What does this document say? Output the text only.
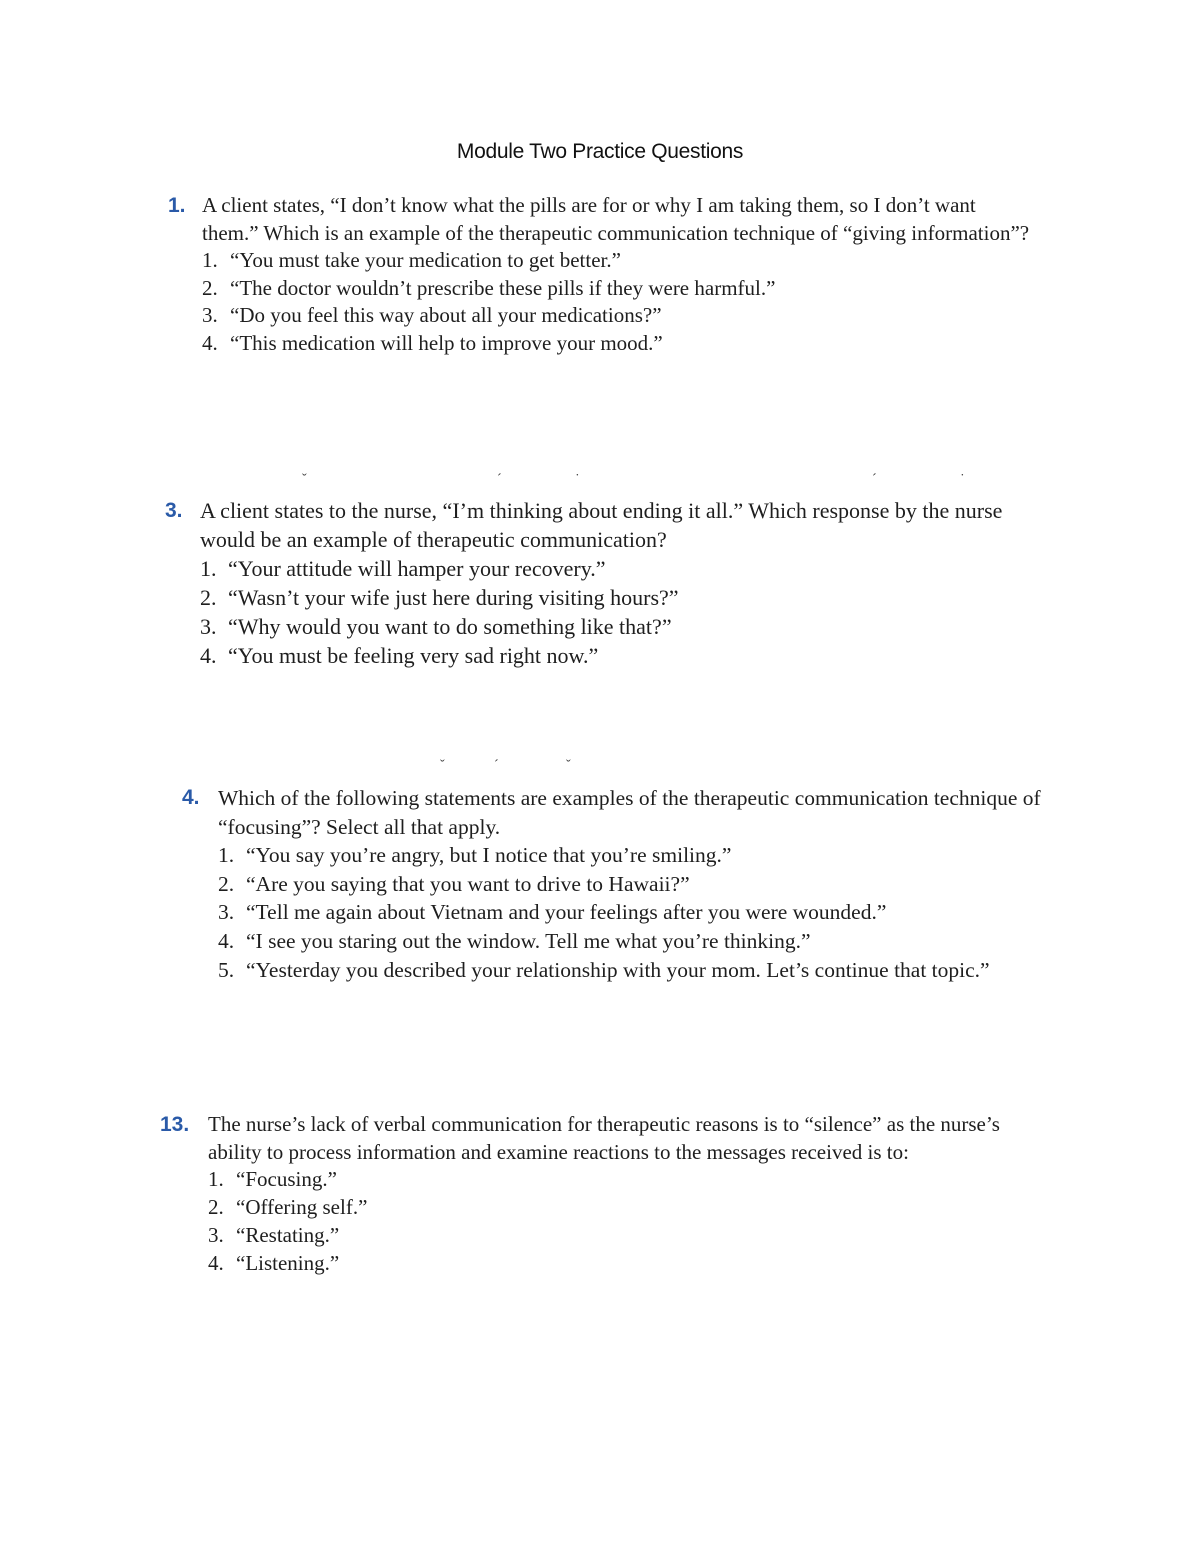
Module Two Practice Questions
1. A client states, “I don’t know what the pills are for or why I am taking them, so I don’t want them.” Which is an example of the therapeutic communication technique of “giving information”?

1. “You must take your medication to get better.”
2. “The doctor wouldn’t prescribe these pills if they were harmful.”
3. “Do you feel this way about all your medications?”
4. “This medication will help to improve your mood.”
ˇ	ˊ	˙	ˊ	˙
3. A client states to the nurse, “I’m thinking about ending it all.” Which response by the nurse would be an example of therapeutic communication?

1. “Your attitude will hamper your recovery.”
2. “Wasn’t your wife just here during visiting hours?”
3. “Why would you want to do something like that?”
4. “You must be feeling very sad right now.”
ˇ	ˊ	ˇ
4. Which of the following statements are examples of the therapeutic communication technique of “focusing”? Select all that apply.

1. “You say you’re angry, but I notice that you’re smiling.”
2. “Are you saying that you want to drive to Hawaii?”
3. “Tell me again about Vietnam and your feelings after you were wounded.”
4. “I see you staring out the window. Tell me what you’re thinking.”
5. “Yesterday you described your relationship with your mom. Let’s continue that topic.”
13. The nurse’s lack of verbal communication for therapeutic reasons is to “silence” as the nurse’s ability to process information and examine reactions to the messages received is to:

1. “Focusing.”
2. “Offering self.”
3. “Restating.”
4. “Listening.”
